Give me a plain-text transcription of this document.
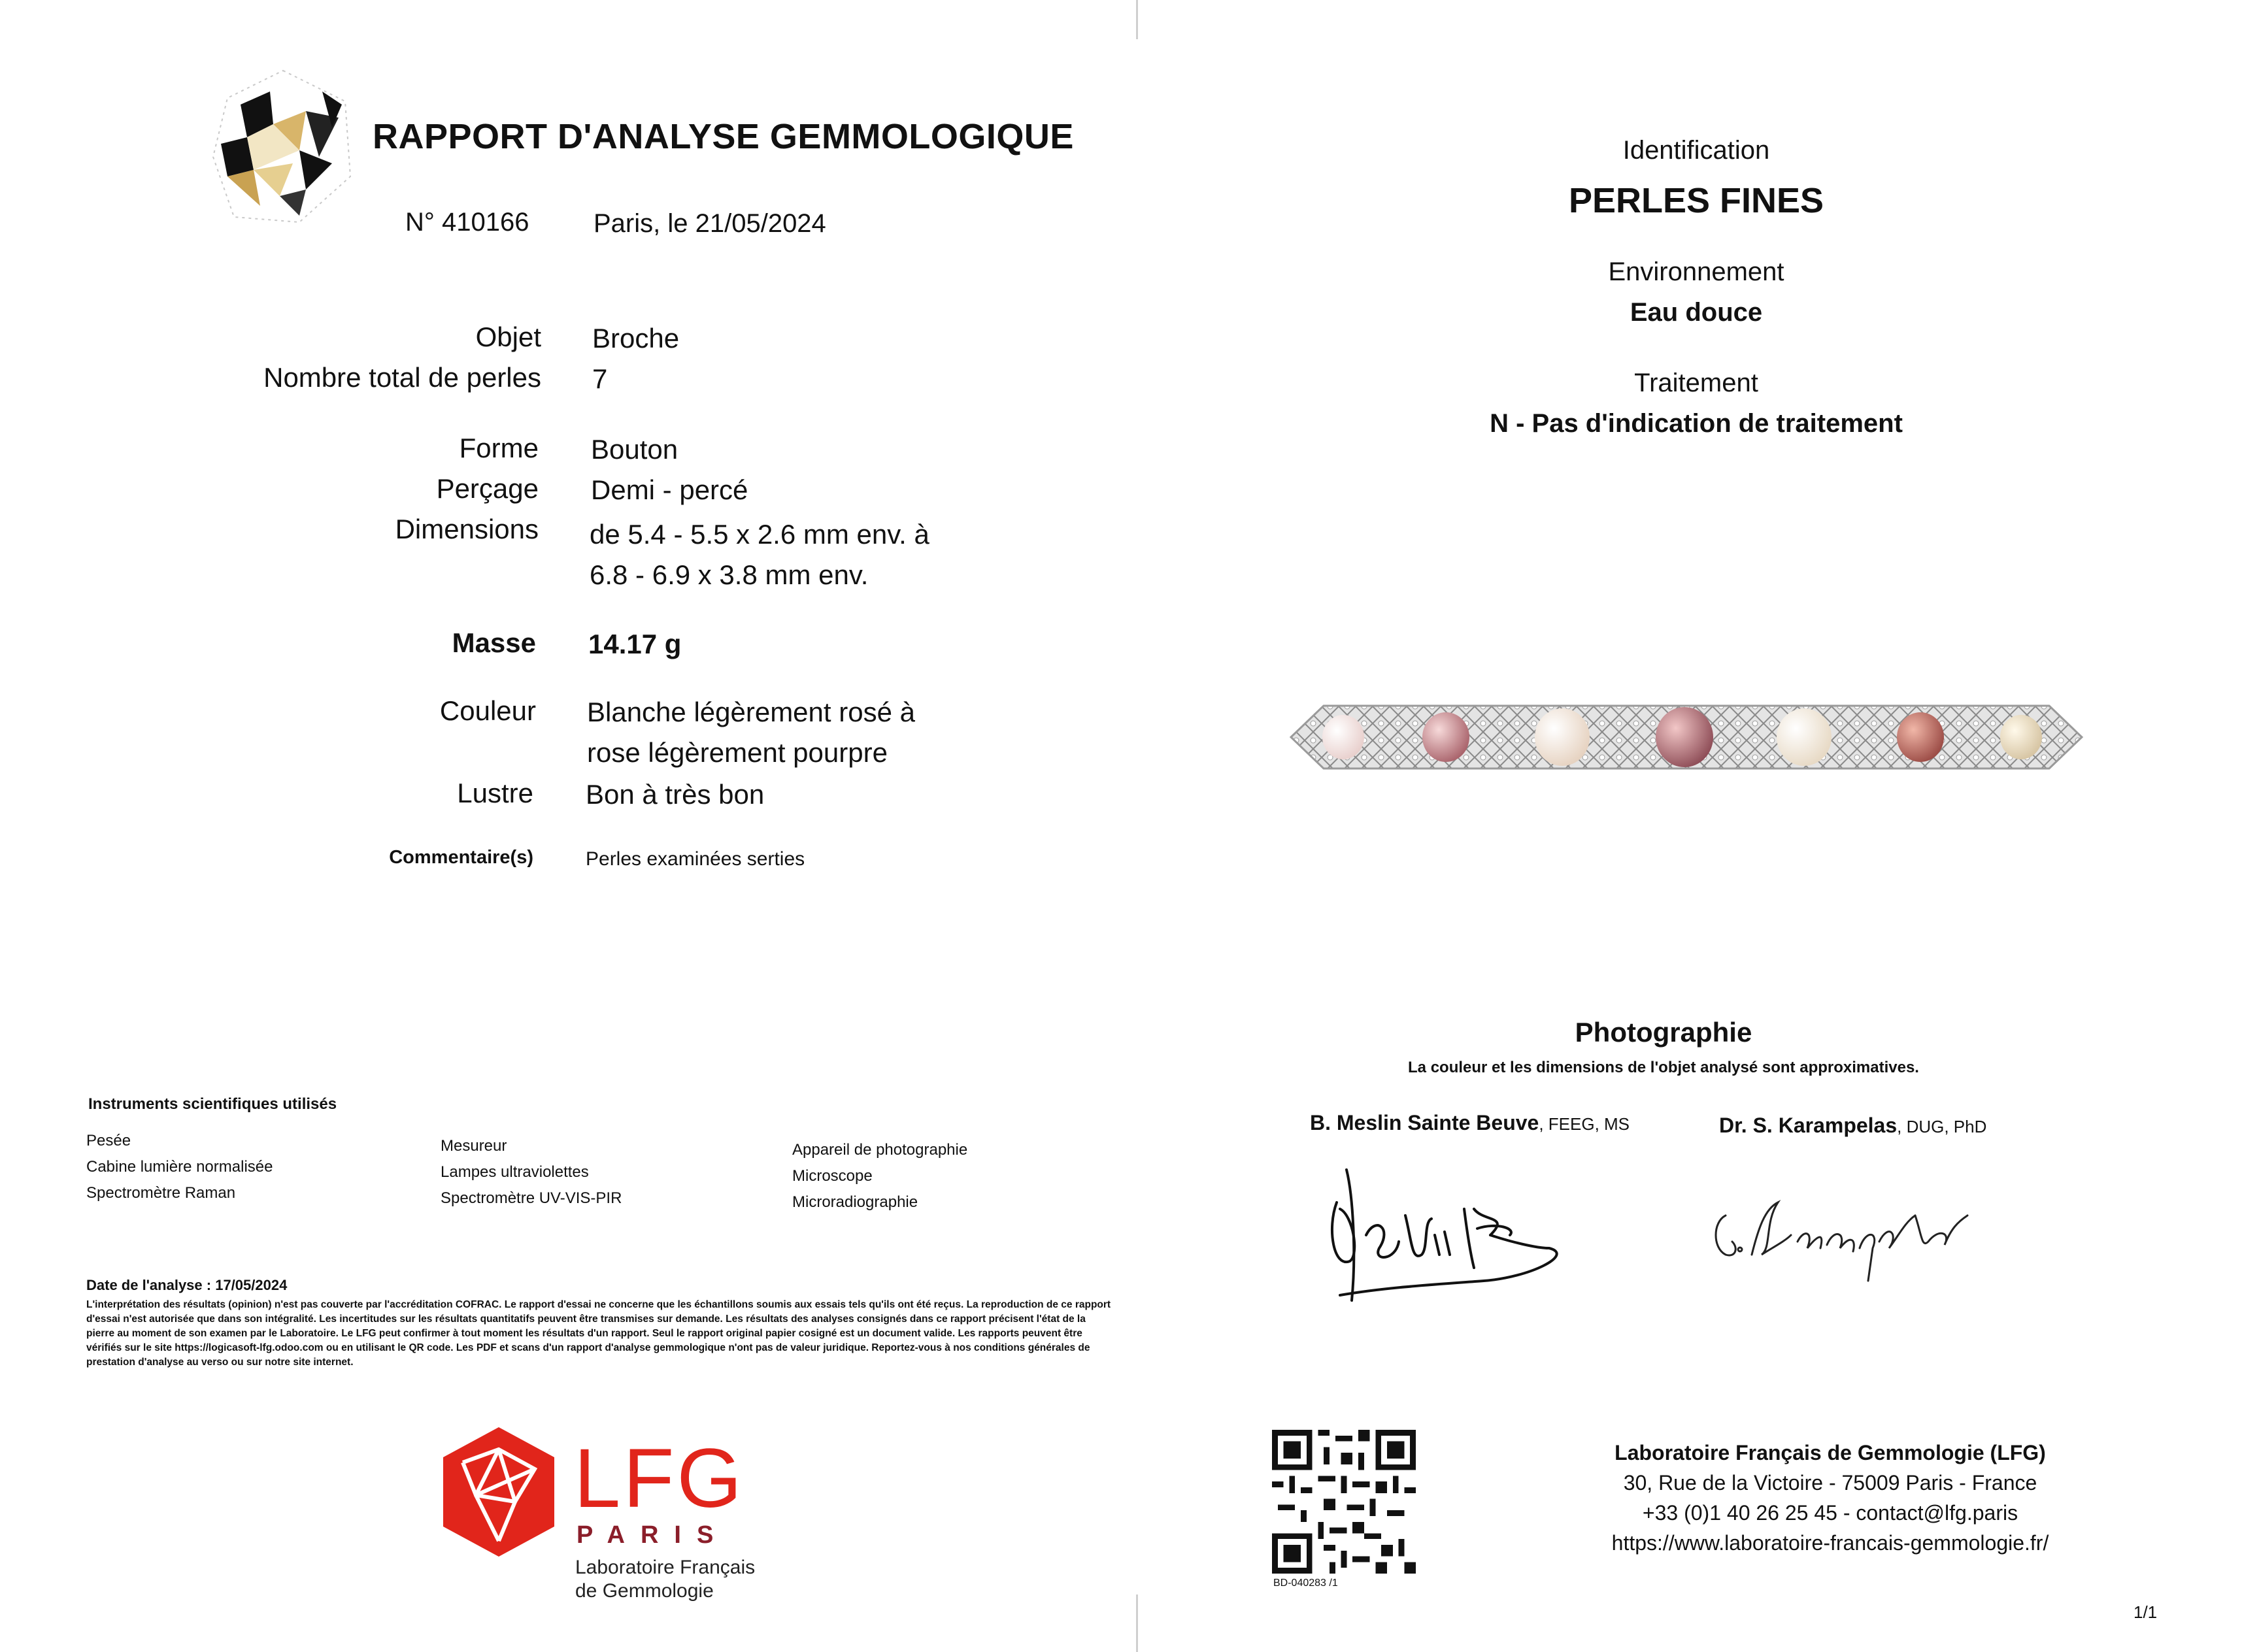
RAPPORT D'ANALYSE GEMMOLOGIQUE
N° 410166 Paris, le 21/05/2024
Objet Broche
Nombre total de perles 7
Forme Bouton
Perçage Demi - percé
Dimensions de 5.4 - 5.5 x 2.6 mm env. à
6.8 - 6.9 x 3.8 mm env.
Masse 14.17 g
Couleur Blanche légèrement rosé à
rose légèrement pourpre
Lustre Bon à très bon
Commentaire(s)	Perles examinées serties
Instruments scientifiques utilisés
Pesée
Cabine lumière normalisée
Spectromètre Raman
Mesureur
Lampes ultraviolettes
Spectromètre UV-VIS-PIR
Appareil de photographie
Microscope
Microradiographie
Date de l'analyse : 17/05/2024
L'interprétation des résultats (opinion) n'est pas couverte par l'accréditation COFRAC. Le rapport d'essai ne concerne que les échantillons soumis aux essais tels qu'ils ont été reçus. La reproduction de ce rapport d'essai n'est autorisée que dans son intégralité. Les incertitudes sur les résultats quantitatifs peuvent être transmises sur demande. Les résultats des analyses consignés dans ce rapport précisent l'état de la pierre au moment de son examen par le Laboratoire. Le LFG peut confirmer à tout moment les résultats d'un rapport. Seul le rapport original papier cosigné est un document valide. Les rapports peuvent être vérifiés sur le site https://logicasoft-lfg.odoo.com ou en utilisant le QR code. Les PDF et scans d'un rapport d'analyse gemmologique n'ont pas de valeur juridique. Reportez-vous à nos conditions générales de prestation d'analyse au verso ou sur notre site internet.
LFG
PARIS
Laboratoire Français
de Gemmologie
Identification
PERLES FINES
Environnement
Eau douce
Traitement
N - Pas d'indication de traitement
Photographie
La couleur et les dimensions de l'objet analysé sont approximatives.
B. Meslin Sainte Beuve, FEEG, MS	Dr. S. Karampelas, DUG, PhD
BD-040283 /1
Laboratoire Français de Gemmologie (LFG)
30, Rue de la Victoire - 75009 Paris - France
+33 (0)1 40 26 25 45 - contact@lfg.paris
https://www.laboratoire-francais-gemmologie.fr/
1/1
